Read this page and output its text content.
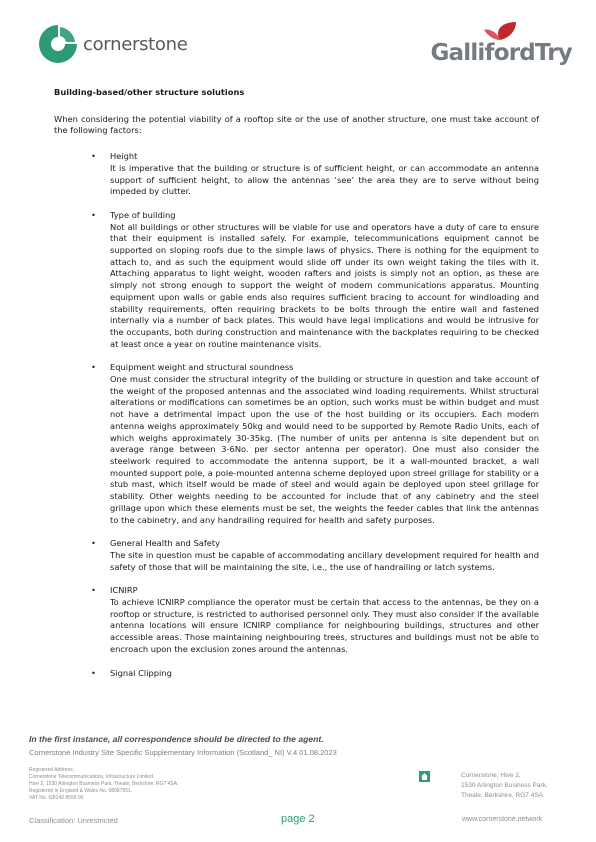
cornerstone	GallifordTry

Building-based/other structure solutions

When considering the potential viability of a rooftop site or the use of another structure, one must take account of the following factors:

• Height
It is imperative that the building or structure is of sufficient height, or can accommodate an antenna support of sufficient height, to allow the antennas ‘see’ the area they are to serve without being impeded by clutter.
• Type of building
Not all buildings or other structures will be viable for use and operators have a duty of care to ensure that their equipment is installed safely. For example, telecommunications equipment cannot be supported on sloping roofs due to the simple laws of physics. There is nothing for the equipment to attach to, and as such the equipment would slide off under its own weight taking the tiles with it. Attaching apparatus to light weight, wooden rafters and joists is simply not an option, as these are simply not strong enough to support the weight of modern communications apparatus. Mounting equipment upon walls or gable ends also requires sufficient bracing to account for windloading and stability requirements, often requiring brackets to be bolts through the entire wall and fastened internally via a number of back plates. This would have legal implications and would be intrusive for the occupants, both during construction and maintenance with the backplates requiring to be checked at least once a year on routine maintenance visits.
• Equipment weight and structural soundness
One must consider the structural integrity of the building or structure in question and take account of the weight of the proposed antennas and the associated wind loading requirements. Whilst structural alterations or modifications can sometimes be an option, such works must be within budget and must not have a detrimental impact upon the use of the host building or its occupiers. Each modern antenna weighs approximately 50kg and would need to be supported by Remote Radio Units, each of which weighs approximately 30-35kg. (The number of units per antenna is site dependent but on average range between 3-6No. per sector antenna per operator). One must also consider the steelwork required to accommodate the antenna support, be it a wall-mounted bracket, a wall mounted support pole, a pole-mounted antenna scheme deployed upon streel grillage for stability or a stub mast, which itself would be made of steel and would again be deployed upon steel grillage for stability. Other weights needing to be accounted for include that of any cabinetry and the steel grillage upon which these elements must be set, the weights the feeder cables that link the antennas to the cabinetry, and any handrailing required for health and safety purposes.
• General Health and Safety
The site in question must be capable of accommodating ancillary development required for health and safety of those that will be maintaining the site, i.e., the use of handrailing or latch systems.
• ICNIRP
To achieve ICNIRP compliance the operator must be certain that access to the antennas, be they on a rooftop or structure, is restricted to authorised personnel only. They must also consider if the available antenna locations will ensure ICNIRP compliance for neighbouring buildings, structures and other accessible areas. Those maintaining neighbouring trees, structures and buildings must not be able to encroach upon the exclusion zones around the antennas.
• Signal Clipping
In the first instance, all correspondence should be directed to the agent.
Cornerstone Industry Site Specific Supplementary Information (Scotland_ NI) V.4 01.08.2023
Registered Address:
Cornerstone Telecommunications, Infrastructure Limited.
Hive 2, 1530 Arlington Business Park, Theale, Berkshire, RG7 4SA.
Registered in England & Wales No. 08087551.
VAT No. GB142 8555 06
Cornerstone, Hive 2,
1530 Arlington Business Park,
Theale, Berkshire, RG7 4SA
Classification: Unrestricted	page 2	www.cornerstone.network
